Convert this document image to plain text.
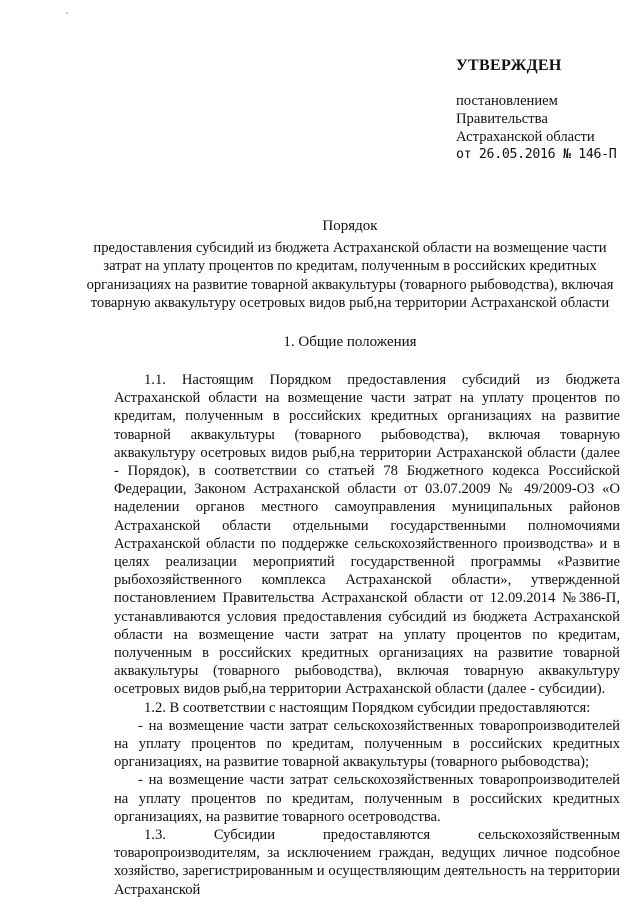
УТВЕРЖДЕН
постановлением
Правительства
Астраханской области
от 26.05.2016 № 146-П
Порядок
предоставления субсидий из бюджета Астраханской области на возмещение части затрат на уплату процентов по кредитам, полученным в российских кредитных организациях на развитие товарной аквакультуры (товарного рыбоводства), включая товарную аквакультуру осетровых видов рыб,на территории Астраханской области
1. Общие положения

1.1. Настоящим Порядком предоставления субсидий из бюджета Астраханской области на возмещение части затрат на уплату процентов по кредитам, полученным в российских кредитных организациях на развитие товарной аквакультуры (товарного рыбоводства), включая товарную аквакультуру осетровых видов рыб,на территории Астраханской области (далее - Порядок), в соответствии со статьей 78 Бюджетного кодекса Российской Федерации, Законом Астраханской области от 03.07.2009 № 49/2009-ОЗ «О наделении органов местного самоуправления муниципальных районов Астраханской области отдельными государственными полномочиями Астраханской области по поддержке сельскохозяйственного производства» и в целях реализации мероприятий государственной программы «Развитие рыбохозяйственного комплекса Астраханской области», утвержденной постановлением Правительства Астраханской области от 12.09.2014 №386-П, устанавливаются условия предоставления субсидий из бюджета Астраханской области на возмещение части затрат на уплату процентов по кредитам, полученным в российских кредитных организациях на развитие товарной аквакультуры (товарного рыбоводства), включая товарную аквакультуру осетровых видов рыб,на территории Астраханской области (далее - субсидии).

1.2. В соответствии с настоящим Порядком субсидии предоставляются:

- на возмещение части затрат сельскохозяйственных товаропроизводителей на уплату процентов по кредитам, полученным в российских кредитных организациях, на развитие товарной аквакультуры (товарного рыбоводства);

- на возмещение части затрат сельскохозяйственных товаропроизводителей на уплату процентов по кредитам, полученным в российских кредитных организациях, на развитие товарного осетроводства.

1.3. Субсидии предоставляются сельскохозяйственным товаропроизводителям, за исключением граждан, ведущих личное подсобное хозяйство, зарегистрированным и осуществляющим деятельность на территории Астраханской
